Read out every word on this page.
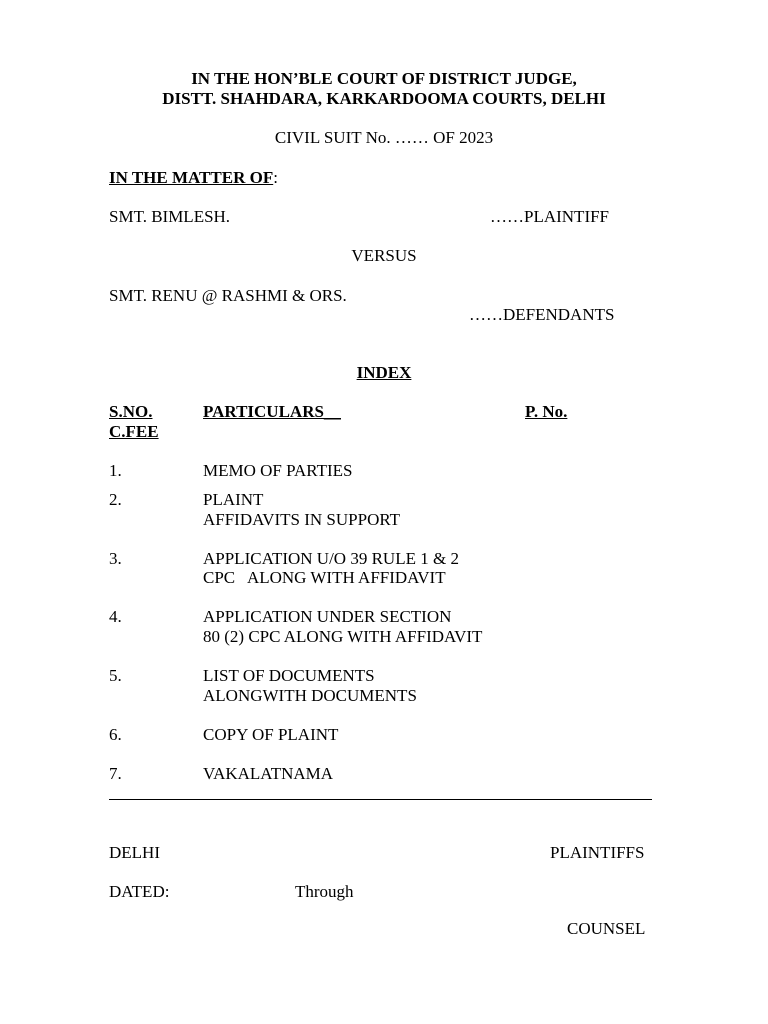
IN THE HON’BLE COURT OF DISTRICT JUDGE,
DISTT. SHAHDARA, KARKARDOOMA COURTS, DELHI
CIVIL SUIT No. …… OF 2023
IN THE MATTER OF:
SMT. BIMLESH.	……PLAINTIFF
VERSUS
SMT. RENU @ RASHMI & ORS.
……DEFENDANTS
INDEX
S.NO.	PARTICULARS__	P. No.
C.FEE
1.	MEMO OF PARTIES
2.	PLAINT
AFFIDAVITS IN SUPPORT
3.	APPLICATION U/O 39 RULE 1 & 2
CPC   ALONG WITH AFFIDAVIT
4.	APPLICATION UNDER SECTION
80 (2) CPC ALONG WITH AFFIDAVIT
5.	LIST OF DOCUMENTS
ALONGWITH DOCUMENTS
6.	COPY OF PLAINT
7.	VAKALATNAMA
DELHI	PLAINTIFFS
DATED:	Through
COUNSEL
